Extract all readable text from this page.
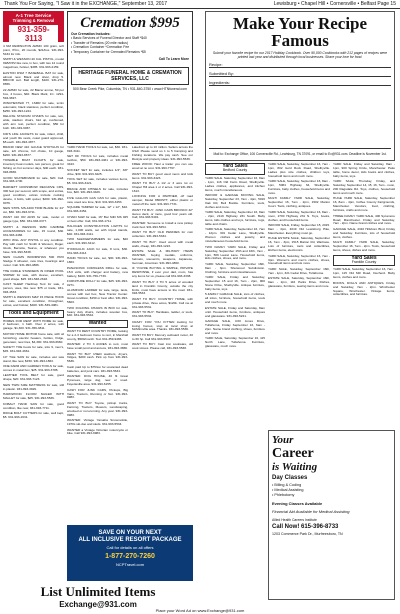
Thank You For Saying, "I Saw it in the EXCHANGE," September 13, 2017	Lewisburg • Chapel Hill • Cornersville • Belfast Page 15
A-1 Tree Service
Trimming & Removal
931-359-3113

4 NM REMINGTON AMMO 100 grain, soft point, 3½in., 20 rounds, $21/box. 931-993-5434 for info.

SMITH & WESSON 40 CAL PISTOL, model 99/MVP2 like new, in box, with two 14 round magazines, holster, $385. 931-993-2159.

EASTON DSM 7 BASEBALL BAT for sale, almost new. Black and silver, drop 5. BBCOR cert. Ball length, $100. 931-270-8656.

22 AMMO for sale, 22 Blazer ammo, 50 per box, 4 boxes, $40. Black Mark, 1C. 1294-594-9697.

WINCHESTER 77, 1SMR for sale, scrim automatic, black stainless, perfect condition, $250. 931-993-1244.

DELUXE STADIUM CHAIRS for sale, two, wide, stadium chairs, fold up, cushioned, with arm rest, perfect condition, $50 for both. 931-349-9067.

KID'S LIFE JACKETS for sale, infant, child, and youth life vests, coast guard approved, $5 each. 931-993-4877.

BRAND NEW 410 GAUGE SHOTGUN for sale, left chrome, full choke, 10 gauge, $200. 931-993-8677.

TOWABLE BOAT FLOATS for sale, inventory boat models, two person, great for fishing on hot summer days, $40 each. 931-993-8836.

GOOD SKATEBOARD for sale, $20. Call. 931-993-1740.

BARNETT CROSSBOW RECURVE CRS, 300 feet per second, with scope, and extras, good condition, extras include cocking device, 4 bolts, with quiver, $200. 931-992-9076.

NEW STIHL MS-4400 TRIM BLADE for 24" cut, $60. 931-993-6711.

WANT 410 OR AR15 for sale, model or gauge type, $50. 931-993-0377.

SMITH & WESSON 9MM CARBINE ACCESSORIES for sale, 15 round, $30. 931-993-4466.

WHO WILL ANY PISTOL in any condition. Pay with cash for Smith & Wesson, Ruger, Glock, Berretta, Taurus, or whatever you have. 931-993-5338.

NEW CLAMS WORMSHAN 500 PRO Sledge 6 wheeler, new tires, bearings and motor. Call. 931-993-4866.

THE DUDLE STANDERS IN DINER POOL SNIPER for sale, with sleeve, excellent, good shape. $25. 931-548-2618.

CAST SLEEP Hardtrap Tent for sale, 2 person, uses, like new. $75 or trade, 931-993-4533.

SMITH & WESSON M&P 15 PIECE HOOK for sale, excellent condition, throughout, extras, and holster, $400. 931-539-4081.

Tools and Equipment

HOMES FOR RENT WITH HOME for sale, 2 bedroom, 1 bath. Over 2 acres, with garage, $1,300. 931-359-3811.

MOTOR HOME MOTOR home sale, with oil furnishing, electric heaters, bottles, fridge, generator, new tires, $4,300. 931-993-6660.

SAFETY TOE boots for sale, size 9, men's, $45. 931-993-4661.

10" TILE SAW for sale, includes wet saw stand, like new, $150. 931-993-1863.

ONE FARM AND GARDEN TOOLS for sale, comes in metal box, $25. 931-993-3788.

LEATHER TOOL BELT for sale, good shape, $20. 931-993-7123.

NEW TWIN SIZE MATTRESS for sale, still in plastic. 931-993-3929.

HARDWOOD FLOOR NAILER WITH MALLET for sale, $25. 931-993-5536.

KOBALT HAND SAW for sale, good condition, like new, 931-993-7711.

RIDGE BOLT CUTTERS for sale, well kept, $5. 931-993-1631.

Cremation $995
Our Cremation Includes:
• Basic Services of Funeral Director and Staff *$40
• Transfer of Remains (20 mile radius)
• Cremation Container *Cremation Fee
• Temporary Container for Cremated Remains *$5
Call To Learn More
HERITAGE FUNERAL HOME & CREMATION SERVICES, LLC
500 Bear Creek Pike, Columbia, TN • 931-840-3750 • www.HTNfuneral.com

YARD HAND TOOLS for sale, set, $30. 931-993-3411.

SET OF TOOLS for sale, includes metal toolbox, $50. 931-993-4461 or 931-993-3423.

SOCKET SET for sale, includes 1/4", 3/8" drive, $30. 931-993-3425.

TOOL SET for sale, includes various items, $5. 931-993-3421.

BRACE AND CHISELS for sale, includes box, $20. 931-993-3426.

FIVE GALLON GAS CAN for sale, plastic, new, used one time, $10. 931-993-3453.

SQUARE TAMPER for sale, 12" x 12", $10. 931-993-3454.

CHAIN SAW for sale, 16" Bar Stihl MS 025 or best offer. Call, 931-993-1711.

HALOGEN CONSTRUCTION LIGHTS for sale, 1,000 watts, set with tripod stands, $40. 931-993-3411.

TWO SLEDGEHAMMERS for sale, $20 each. 931-993-3412.

HYDRAULIC JACK for sale, 8 tons, $30. 931-993-3413.

HAND TOOLS for sale, set, $30. 931-993-1863.

PANASONIC CORDLESS DRILL for sale, 15.6 volts, with charger and battery, new battery, $100. 931-759-7739.

FURNITURE DOLLY for sale, $25. 931-993-0271.

ALUMINUM LADDER for sale, large, lasts, comes with tool box, New Tractor Center. Great condition, $150 or best offer. 931-993-5603.

TWO FOLDING CHAIRS IN BOX for sale, heavy duty chairs, includes wooden box, $40. 931-993-5544.

Wanted

WANT TO RENT COUNTRY HOME, looking for a 2-3 bedroom home to rent, in Marshall county, $500/month. Text 931-359-9483.

WANTED: 2 TO 3 ACRES to rent, must have small pond and access, 931-993-3866.

WANT TO BUY USED washers, dryers, fridges, $200 cash. Pick up from 931-993-5636.

Cash paid Up to $75/ton for unwanted dead batteries, and junk cars. 931-993-5634.

WANTED: DOG HOUSE, 40 fit Great Pyrenees, large dog, new or used. Fayetteville area. 931-993-6155.

CASH FOR JUNK CARS, Pickups, Big Vans, Tractors, Running or Not. 931-993-9983.

WANT TO BUY Toyota, pickup trucks, Farming, Tractors, Mowers, Landscaping, wrecked or non-running. Any year. 931-993-9983.

WANTED: Vintage Yamaha Snowmobile, 1970s ski-doo and sleds. 931-993-5534.

WANTED a Vintage Victorian motorcycle or bike. Call 931-993-9983.

Lakefront up to 10 million. Sellers across the USA! Please send us 1 to 5 Camping and Fishing locations. We pay cash. See our lifestyle and property ideas. 931-993-5536.

FREE WOOD: Haul a trailer you can use wood at no cost. 931-993-7767.

WANT TO BUY good used mens and kids items. 931-993-3423.

WANT TO BUY A 1/2 or 3 acre lot on Chapel Hill area 1 or 2 acres. Call 931-993-1613.

LOOKING FOR A PARTNER, off road camper, Model 8800STT, either plastic or metal off the rack. 931-993-7731.

WANT TO BUY: JUNK CARS BRONCO 42" stereo deck, or more, good four years old. Call, 931-993-5491.

WANTED: Someone to Install a new pickup truck bed. 931-993-5454.

WANT TO BUY OLD PENNIES for coin collection. 931-993-5334.

WANT TO BUY: Used wood with metal walls, cheap, 931-993-1223.

ESTATE SALE & MILITARY ITEMS WANTED, buying medals, uniforms, helmets, souvenirs, weapons, Japanese, German, American. 931-993-4860.

IF YOU'RE BUYING A SIMPLE, PRIVATE RESPONSE, if ever your dad, mom, has any items for us, please call 931-993-3338.

WANT TO BUY 3 TO 5 acres of wooded land in Franklin County, outside the city limits, must have access to the road. 931-993-5533.

WANT TO BUY: COUNTRY HOME, with private drive, three acres, $120k. Call me at 931-993-5531.

WANT TO BUY: Hardware, ladder, or tools. 931-993-5534.

CRAZY FOR YOU KITTEN looking for loving homes, stop at local shop at McMinnville area. Thanks. 931-993-5536.

WANT TO BUY: Mercury outboard motor, 40 to 60 hp. Call 931-993-5537.

WANT TO BUY: Cast iron cookware, old cook stoves. Please call, 931-993-5538.

SAVE ON YOUR NEXT
ALL INCLUSIVE RESORT PACKAGE
Call for details on all offers
1-877-270-7260
NCPTravel.com
List Unlimited Items
Exchange@931.com
Make Your Recipe Famous
Submit your favorite recipe for our 2017 Holiday Cookbook. Over 90,000 Cookbooks with 212 pages of recipes were printed last year and distributed through local businesses. Share your love for food.
Recipe:
Submitted By:
Ingredients:
Mail to: Exchange Office, 106 Cornersville Rd., Lewisburg, TN 37091, or email to Ex@931.com. Deadline is November 1st.
Yard Sales
Bedford County

YARD SALE. Saturday, September 16, 8am - 1pm, 116 Old Farm Road, Shelbyville. Ladies clothes, appliances, and kitchen items, much miscellaneous.

INDOOR & GARAGE MOVING SALE, Saturday, September 23, 7am - 4pm, 5016 Oak Rd, Bell Buckle. Furniture, tools, clothes and more.

YARD SALE, Saturday, September 16, 8am - 2pm, 2119 Highway 231 South. Baby items, kids clothes and toys, furniture, rugs, table and chairs.

YARD SALE, Saturday, September 16, 7am - 12pm. 301 Cedar Lane, Shelbyville. Women clothes and jewelry, and miscellaneous household items.

TWO FAMILY YARD SALE, Friday and Saturday, September 15th and 16th, 7am - 1pm, 509 Laurel Lane. Household items, kids clothes, shoes, and more.

YARD SALE, Saturday, September 16th, 8am - 3pm. Sherwood Subdivision. Clothing, furniture and miscellaneous.

YARD SALE, Friday and Saturday, September 15 and 16, 7am - 2pm, 900 Stone Drive, Shelbyville. Antique furniture, baby items, toys.

5-FAMILY GARAGE SALE, tons of clothes, all sizes, furniture, household items, tools and much more.

ESTATE SALE, Friday and Saturday, 8am until. Household items, furniture, antiques and glassware. 931-993-5221.

GARAGE SALE, 4:00 Jones Drive, Tullahoma, Friday September 16, 6am - 2pm. Name brand clothing, shoes, furniture and more.

YARD SALE, Saturday, September 16, 115 North Lane, Tullahoma. Furniture, glassware, much more.

YARD SALE, Saturday, September 16, 7am - 1pm, 802 Gold Rock Road, Shelbyville. Ladies plus size clothes, children toys, household items and much more.

YARD SALE, Saturday, September 16, 8am - 1pm, 5084 Highway 64, Shelbyville. Furniture, baby clothes, household items and more.

MULTI FAMILY YARD SALE, Saturday, September 16, 7am - 2pm, 1502 Marion Court. Tools, clothing, antiques.

YARD SALE, Saturday, September 16, 8am - noon, 2700 Highway 231 N. Toys, books, clothes, and household items.

INDOOR SALE, Friday, September 15, 2015. 8am - 4pm, 4019 Old Lewisburg Pike, Manchester. Everything must go.

HUGE ESTATE SALE, Saturday, September 16, 7am - 3pm, 1515 Marion Rd, Wartrace. Lots of furniture, tools and collectibles, kitchen items, electronics.

YARD SALE, Saturday, September 16, 7am - 3pm. Women's and men's clothes, shoes, household items and lots more.

YARD SALE, Saturday, September 16th, 7am - 1pm, 321 Cedar Drive, Tullahoma.

ESTATE SALE, Saturday, September 16th, 9am - 2pm, 116 Parks Drive. Dishes, glassware, furniture, sewing items and more.

YARD SALE. Friday and Saturday, 8am - 1pm, 900 Spring Circle, Manchester. Patio table, home decor, kids books and clothes, baby items, toys.

YARD SALE, Thursday, Friday, and Saturday, September 14, 15, 16, 7am - noon, 200 Ragsdale Rd. Toys, clothes, household items and much more.

HUGE YARD SALE, Saturday, September 16, 8am - 4pm, Coffee County Fairgrounds, Manchester. Vendors, food, clothing, furniture, crafts and more.

THREE FAMILY YARD SALE, 400 Sycamore Road, Manchester. Friday and Saturday, 7am - 2pm. Name brand clothes and more.

GARAGE SALE, 4310 Hillsboro Blvd, Friday and Saturday. Furniture, lots of household items, clothes.

MULTI FAMILY YARD SALE, Saturday, September 16, 7am - 2pm. Tools, household items, shoes, dishes and more.

Yard Sales
Franklin County

YARD SALE, Saturday, September 16, 7am - 1pm, 115 Old Mill Road, Decherd. Baby items, clothes and more.

BOOKS, DOLLS AND ANTIQUES, Friday and Saturday, 7am - 2pm. Winchester Square, Winchester. Vintage items, collectibles, and furniture.

Your
Career
is Waiting
Day Classes
• Billing & Coding
• Medical Assisting
• Phlebotomy
Evening Classes Available
Financial Aid Available for Medical Assisting
Allied Health Careers Institute
Call Now! 615-396-8733
1203 Commerce Park Dr., Murfreesboro, TN
Place your Word Ad on www.Exchange@931.com
